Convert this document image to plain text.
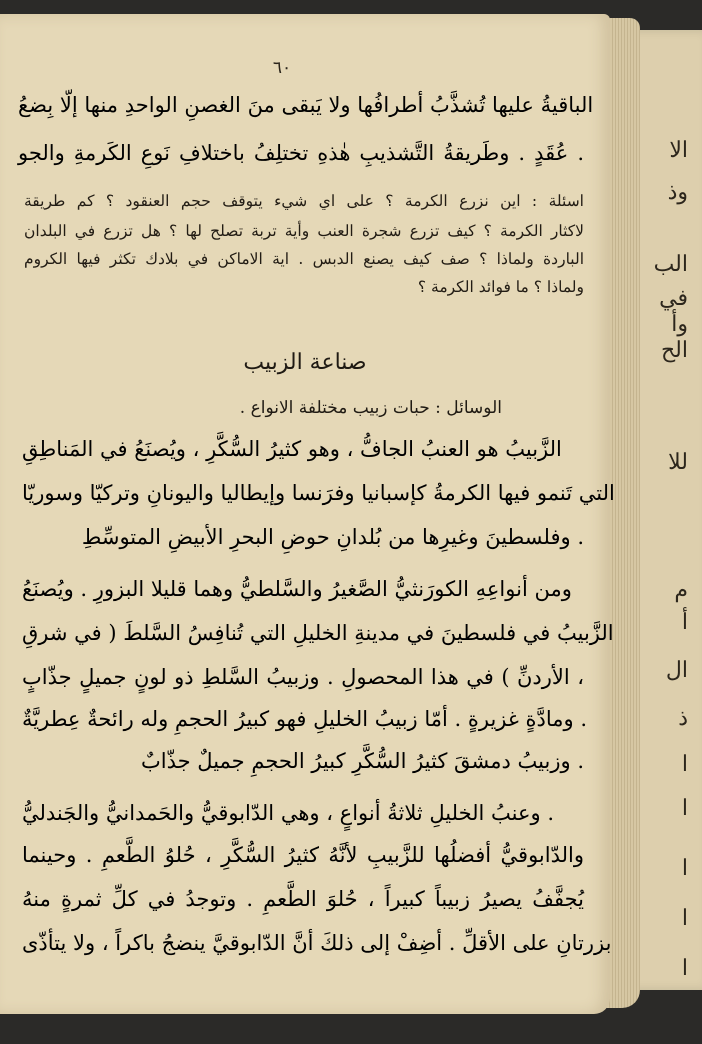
الا
وذ
الب
في
وأ
الح
للا
م
أ
ال
ذ
ا
ا
ا
ا
ا
٦٠
الباقيةُ عليها تُشذَّبُ أطرافُها ولا يَبقى منَ الغصنِ الواحدِ منها إلّا بِضعُ
عُقَدٍ . وطَريقةُ التَّشذيبِ هٰذهِ تختلِفُ باختلافِ نَوعِ الكَرمةِ والجو .
اسئلة : اين نزرع الكرمة ؟ على اي شيء يتوقف حجم العنقود ؟ كم طريقة
لاكثار الكرمة ؟ كيف تزرع شجرة العنب وأية تربة تصلح لها ؟ هل تزرع في البلدان
الباردة ولماذا ؟ صف كيف يصنع الدبس . اية الاماكن في بلادك تكثر فيها الكروم
ولماذا ؟ ما فوائد الكرمة ؟
صناعة الزبيب
الوسائل : حبات زبيب مختلفة الانواع .
الزَّبيبُ هو العنبُ الجافُّ ، وهو كثيرُ السُّكَّرِ ، ويُصنَعُ في المَناطِقِ
التي تَنمو فيها الكرمةُ كإسبانيا وفرَنسا وإيطاليا واليونانِ وتركيّا وسوريّا
وفلسطينَ وغيرِها من بُلدانِ حوضِ البحرِ الأبيضِ المتوسِّطِ .
ومن أنواعِهِ الكورَنثيُّ الصَّغيرُ والسَّلطيُّ وهما قليلا البزورِ . ويُصنَعُ
الزَّبيبُ في فلسطينَ في مدينةِ الخليلِ التي تُنافِسُ السَّلطَ ( في شرقِ
الأردنِّ ) في هذا المحصولِ . وزبيبُ السَّلطِ ذو لونٍ جميلٍ جذّابٍ ،
ومادَّةٍ غزيرةٍ . أمّا زبيبُ الخليلِ فهو كبيرُ الحجمِ وله رائحةٌ عِطريَّةٌ .
وزبيبُ دمشقَ كثيرُ السُّكَّرِ كبيرُ الحجمِ جميلٌ جذّابٌ .
وعنبُ الخليلِ ثلاثةُ أنواعٍ ، وهي الدّابوقيُّ والحَمدانيُّ والجَندليُّ .
والدّابوقيُّ أفضلُها للزَّبيبِ لأنَّهُ كثيرُ السُّكَّرِ ، حُلوُ الطَّعمِ . وحينما
يُجفَّفُ يصيرُ زبيباً كبيراً ، حُلوَ الطَّعمِ . وتوجدُ في كلِّ ثمرةٍ منهُ
بزرتانِ على الأقلِّ . أضِفْ إلى ذلكَ أنَّ الدّابوقيَّ ينضجُ باكراً ، ولا يتأذّى
